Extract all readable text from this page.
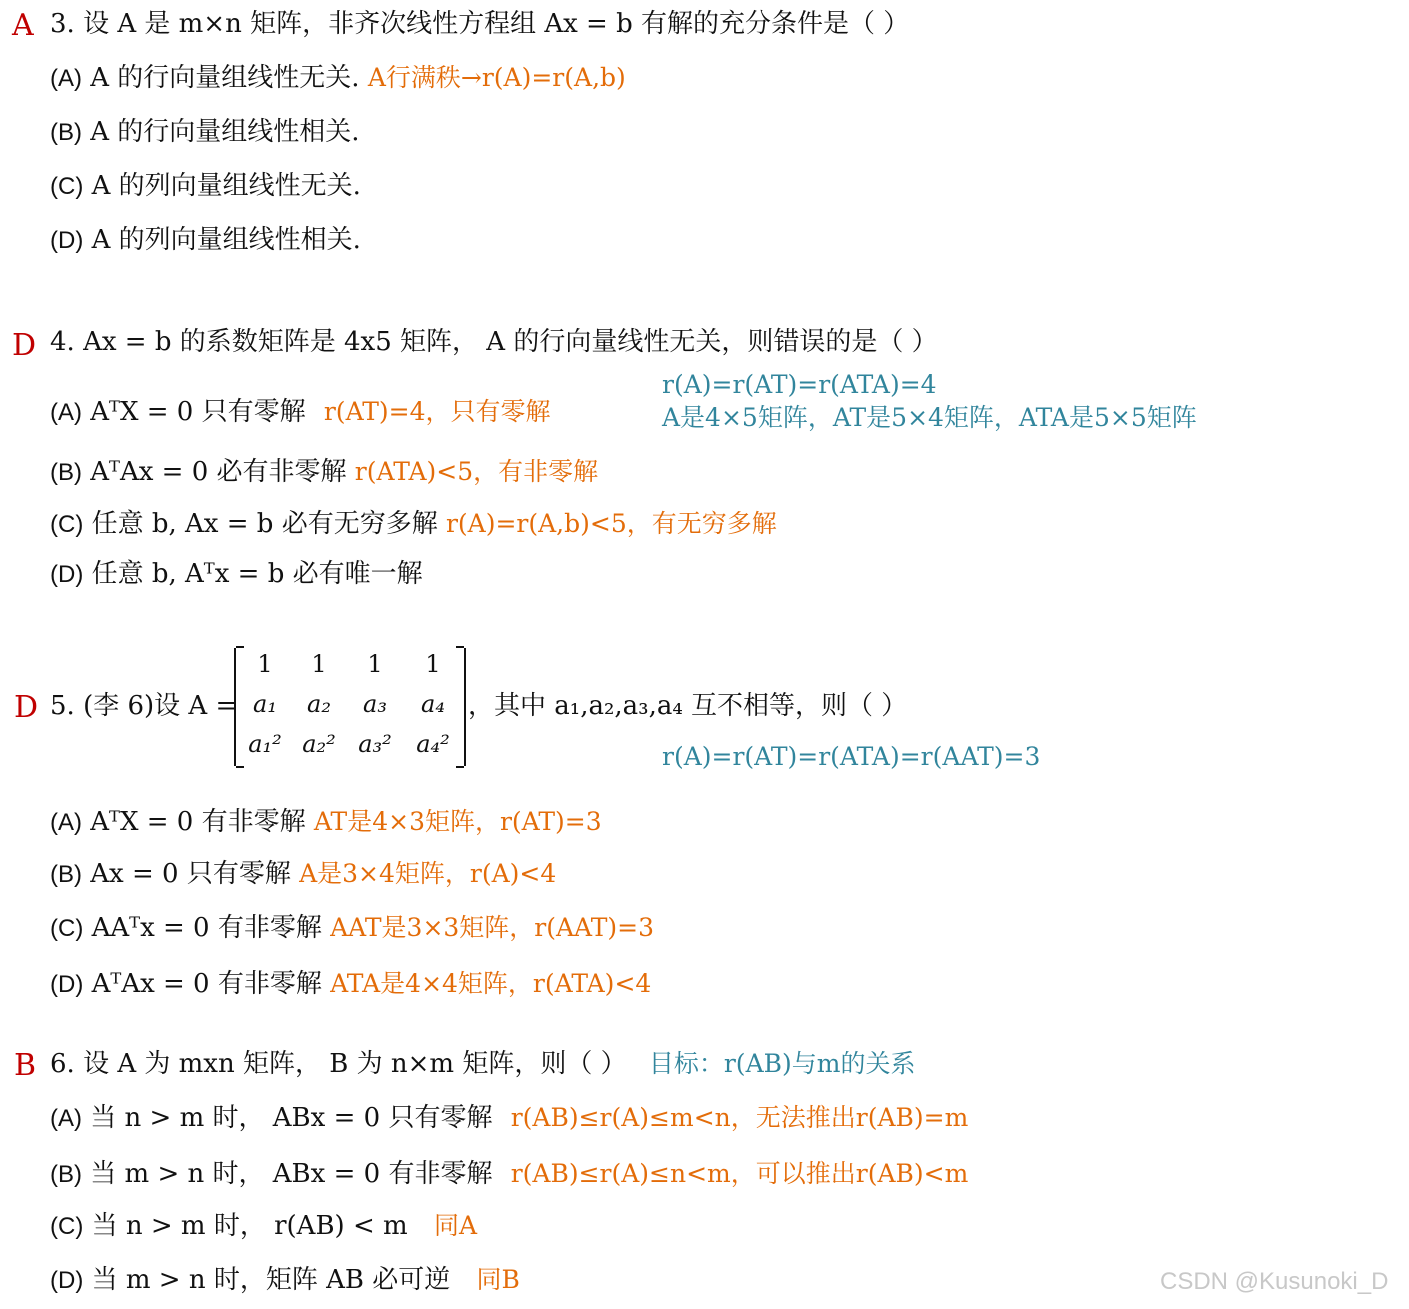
A 3. 设 A 是 m×n 矩阵，非齐次线性方程组 Ax = b 有解的充分条件是（ ）
(A) A 的行向量组线性无关. A行满秩→r(A)=r(A,b)
(B) A 的行向量组线性相关.
(C) A 的列向量组线性无关.
(D) A 的列向量组线性相关.
D 4. Ax = b 的系数矩阵是 4x5 矩阵， A 的行向量线性无关，则错误的是（ ）
r(A)=r(AT)=r(ATA)=4
A是4×5矩阵，AT是5×4矩阵，ATA是5×5矩阵
(A) AᵀX = 0 只有零解 r(AT)=4，只有零解
(B) AᵀAx = 0 必有非零解 r(ATA)<5，有非零解
(C) 任意 b, Ax = b 必有无穷多解 r(A)=r(A,b)<5，有无穷多解
(D) 任意 b, Aᵀx = b 必有唯一解
D 5. (李 6)设 A =
1	1	1	1
a₁	a₂	a₃	a₄
a₁² a₂² a₃²	a₄²
，其中 a₁,a₂,a₃,a₄ 互不相等，则（ ）
r(A)=r(AT)=r(ATA)=r(AAT)=3
(A) AᵀX = 0 有非零解 AT是4×3矩阵，r(AT)=3
(B) Ax = 0 只有零解 A是3×4矩阵，r(A)<4
(C) AAᵀx = 0 有非零解 AAT是3×3矩阵，r(AAT)=3
(D) AᵀAx = 0 有非零解 ATA是4×4矩阵，r(ATA)<4
B 6. 设 A 为 mxn 矩阵， B 为 n×m 矩阵，则（ ） 目标：r(AB)与m的关系
(A) 当 n > m 时， ABx = 0 只有零解 r(AB)≤r(A)≤m<n，无法推出r(AB)=m
(B) 当 m > n 时， ABx = 0 有非零解 r(AB)≤r(A)≤n<m，可以推出r(AB)<m
(C) 当 n > m 时， r(AB) < m 同A
(D) 当 m > n 时，矩阵 AB 必可逆 同B	CSDN @Kusunoki_D
